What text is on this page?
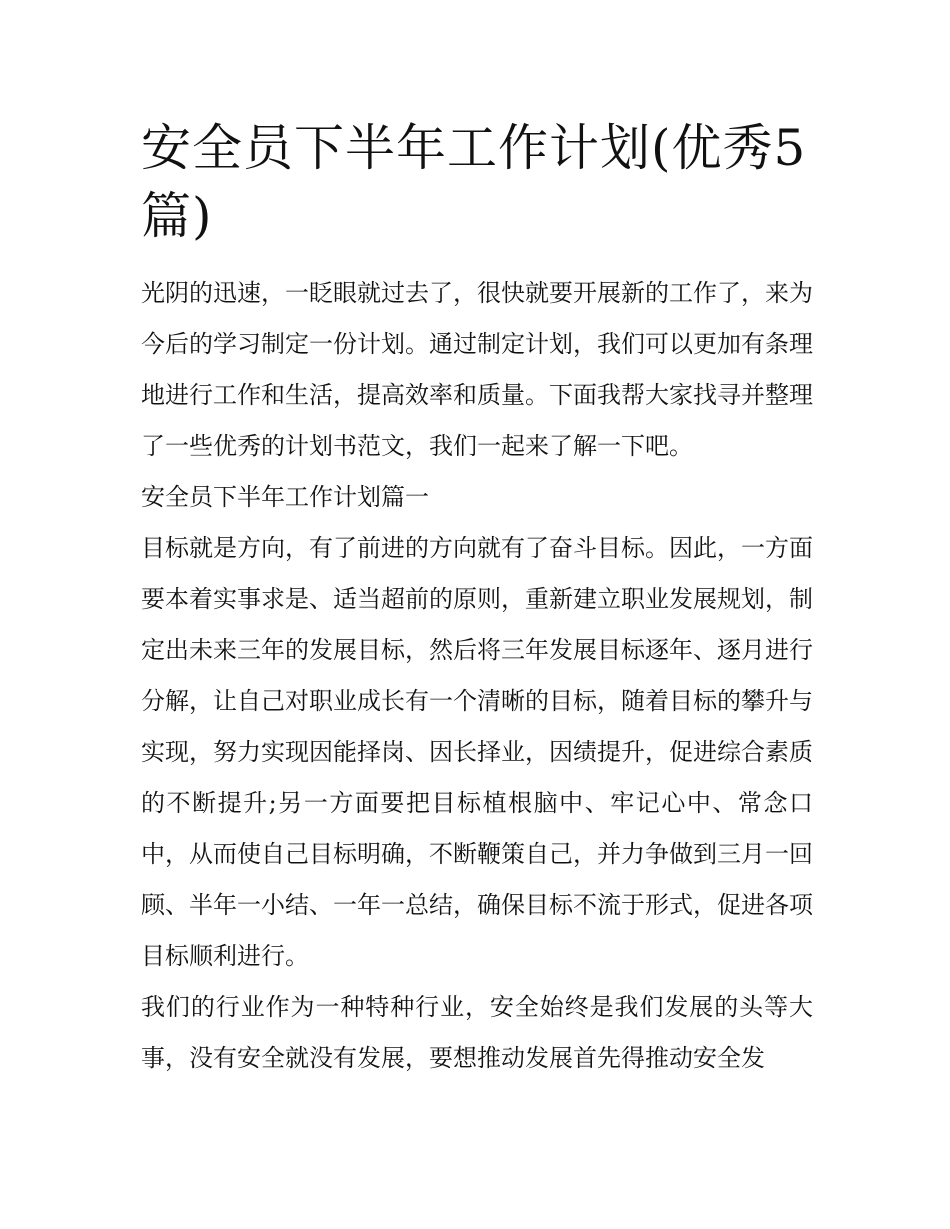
安全员下半年工作计划(优秀5篇)

光阴的迅速，一眨眼就过去了，很快就要开展新的工作了，来为今后的学习制定一份计划。通过制定计划，我们可以更加有条理地进行工作和生活，提高效率和质量。下面我帮大家找寻并整理了一些优秀的计划书范文，我们一起来了解一下吧。

安全员下半年工作计划篇一

目标就是方向，有了前进的方向就有了奋斗目标。因此，一方面要本着实事求是、适当超前的原则，重新建立职业发展规划，制定出未来三年的发展目标，然后将三年发展目标逐年、逐月进行分解，让自己对职业成长有一个清晰的目标，随着目标的攀升与实现，努力实现因能择岗、因长择业，因绩提升，促进综合素质的不断提升;另一方面要把目标植根脑中、牢记心中、常念口中，从而使自己目标明确，不断鞭策自己，并力争做到三月一回顾、半年一小结、一年一总结，确保目标不流于形式，促进各项目标顺利进行。

我们的行业作为一种特种行业，安全始终是我们发展的头等大事，没有安全就没有发展，要想推动发展首先得推动安全发
